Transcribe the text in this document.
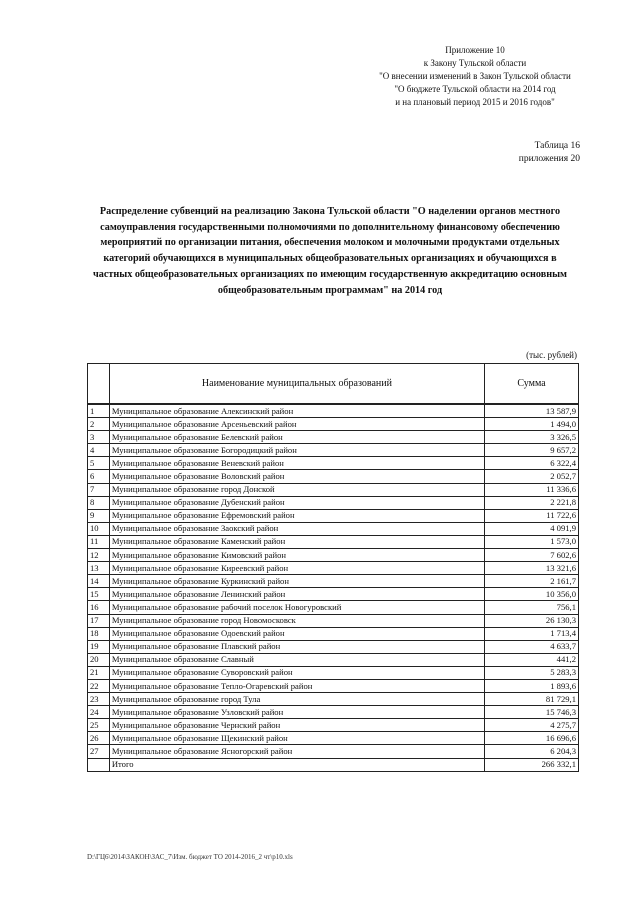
Приложение 10
к Закону Тульской области
"О внесении изменений в Закон Тульской области
"О бюджете Тульской области на 2014 год
и на плановый период 2015 и 2016 годов"
Таблица 16
приложения 20
Распределение субвенций на реализацию Закона Тульской области "О наделении органов местного самоуправления государственными полномочиями по дополнительному финансовому обеспечению мероприятий по организации питания, обеспечения молоком и молочными продуктами отдельных категорий обучающихся в муниципальных общеобразовательных организациях и обучающихся в частных общеобразовательных организациях по имеющим государственную аккредитацию основным общеобразовательным программам" на 2014 год
(тыс. рублей)
	Наименование муниципальных образований	Сумма
1	Муниципальное образование Алексинский район	13 587,9
2	Муниципальное образование Арсеньевский район	1 494,0
3	Муниципальное образование Белевский район	3 326,5
4	Муниципальное образование Богородицкий район	9 657,2
5	Муниципальное образование Веневский район	6 322,4
6	Муниципальное образование Воловский район	2 052,7
7	Муниципальное образование город Донской	11 336,6
8	Муниципальное образование Дубенский район	2 221,8
9	Муниципальное образование Ефремовский район	11 722,6
10	Муниципальное образование Заокский район	4 091,9
11	Муниципальное образование Каменский район	1 573,0
12	Муниципальное образование Кимовский район	7 602,6
13	Муниципальное образование Киреевский район	13 321,6
14	Муниципальное образование Куркинский район	2 161,7
15	Муниципальное образование Ленинский район	10 356,0
16	Муниципальное образование рабочий поселок Новогуровский	756,1
17	Муниципальное образование город Новомосковск	26 130,3
18	Муниципальное образование Одоевский район	1 713,4
19	Муниципальное образование Плавский район	4 633,7
20	Муниципальное образование Славный	441,2
21	Муниципальное образование Суворовский район	5 283,3
22	Муниципальное образование Тепло-Огаревский район	1 893,6
23	Муниципальное образование город Тула	81 729,1
24	Муниципальное образование Узловский район	15 746,3
25	Муниципальное образование Чернский район	4 275,7
26	Муниципальное образование Щекинский район	16 696,6
27	Муниципальное образование Ясногорский район	6 204,3
	Итого	266 332,1
D:\ГЦ6\2014\ЗАКОН\ЗАС_7\Изм. бюджет ТО 2014-2016_2 чт\р10.xls
